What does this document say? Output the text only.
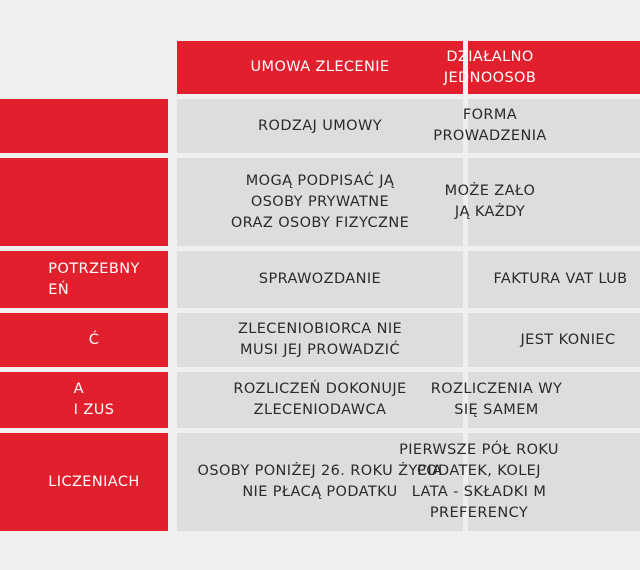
UMOWA ZLECENIE
DZIAŁALNO
JEDNOOSOB
RODZAJ UMOWY
FORMA
PROWADZENIA
MOGĄ PODPISAĆ JĄ
OSOBY PRYWATNE
ORAZ OSOBY FIZYCZNE
MOŻE ZAŁO
JĄ KAŻDY
POTRZEBNY
EŃ
SPRAWOZDANIE	FAKTURA VAT LUB
Ć
ZLECENIOBIORCA NIE
MUSI JEJ PROWADZIĆ
JEST KONIEC
A
I ZUS
ROZLICZEŃ DOKONUJE
ZLECENIODAWCA
ROZLICZENIA WY
SIĘ SAMEM
LICZENIACH
OSOBY PONIŻEJ 26. ROKU ŻYCIA
NIE PŁACĄ PODATKU
PIERWSZE PÓŁ ROKU
PODATEK, KOLEJ
LATA - SKŁADKI M
PREFERENCY
